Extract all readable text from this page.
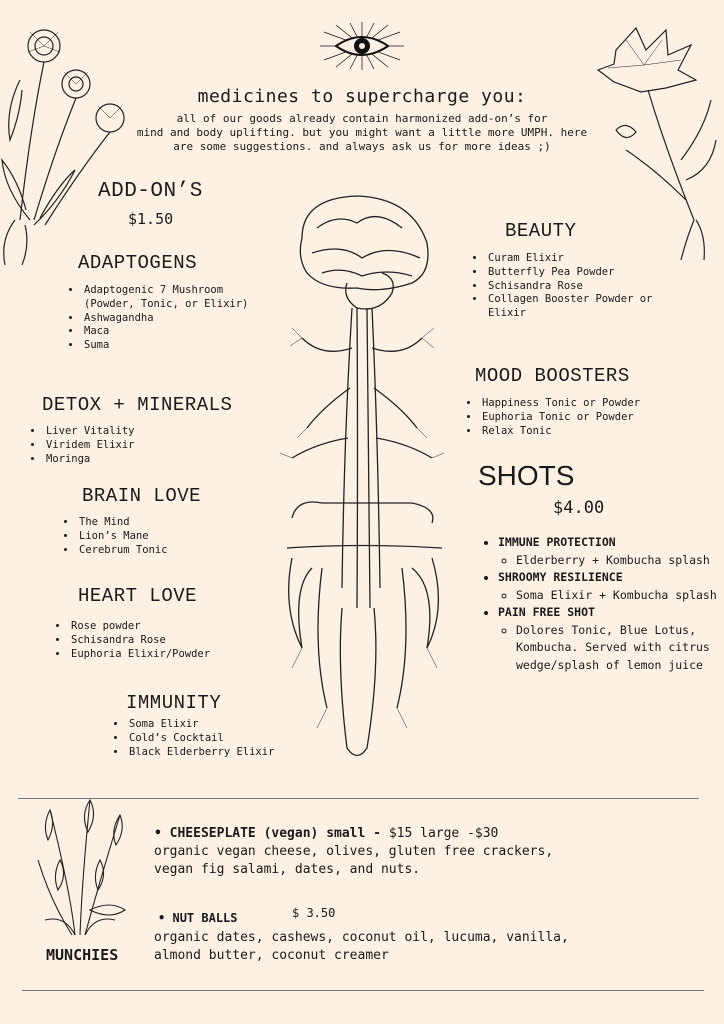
medicines to supercharge you:
all of our goods already contain harmonized add-on’s for
mind and body uplifting. but you might want a little more UMPH. here
are some suggestions. and always ask us for more ideas ;)
ADD-ON’S
$1.50
ADAPTOGENS
• Adaptogenic 7 Mushroom (Powder, Tonic, or Elixir)
• Ashwagandha
• Maca
• Suma
DETOX + MINERALS
• Liver Vitality
• Viridem Elixir
• Moringa
BRAIN LOVE
• The Mind
• Lion’s Mane
• Cerebrum Tonic
HEART LOVE
• Rose powder
• Schisandra Rose
• Euphoria Elixir/Powder
IMMUNITY
• Soma Elixir
• Cold’s Cocktail
• Black Elderberry Elixir
BEAUTY
• Curam Elixir
• Butterfly Pea Powder
• Schisandra Rose
• Collagen Booster Powder or Elixir
MOOD BOOSTERS
• Happiness Tonic or Powder
• Euphoria Tonic or Powder
• Relax Tonic
SHOTS
$4.00
• IMMUNE PROTECTION
◦ Elderberry + Kombucha splash
• SHROOMY RESILIENCE
◦ Soma Elixir + Kombucha splash
• PAIN FREE SHOT
◦ Dolores Tonic, Blue Lotus, Kombucha. Served with citrus wedge/splash of lemon juice
MUNCHIES
• CHEESEPLATE (vegan) small - $15 large -$30
organic vegan cheese, olives, gluten free crackers,
vegan fig salami, dates, and nuts.
• NUT BALLS	$ 3.50
organic dates, cashews, coconut oil, lucuma, vanilla,
almond butter, coconut creamer
